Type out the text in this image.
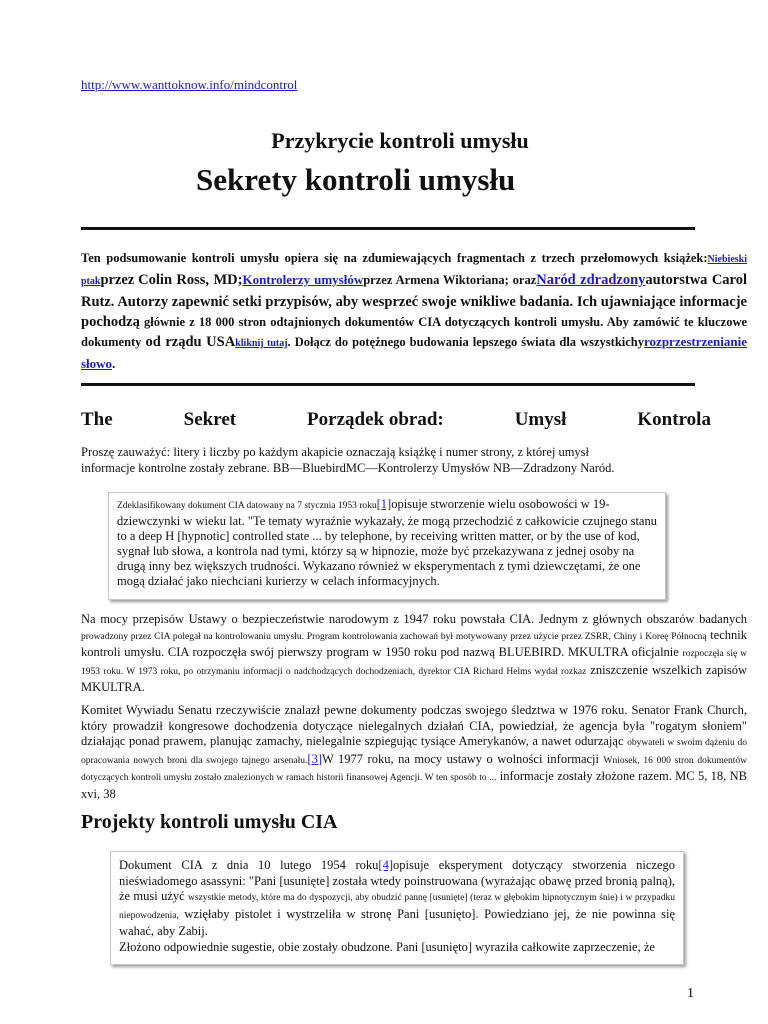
http://www.wanttoknow.info/mindcontrol
Przykrycie kontroli umysłu
Sekrety kontroli umysłu
Ten podsumowanie kontroli umysłu opiera się na zdumiewających fragmentach z trzech przełomowych książek:Niebieski ptakprzez Colin Ross, MD;Kontrolerzy umysłówprzez Armena Wiktoriana; orazNaród zdradzonyautorstwa Carol Rutz. Autorzy zapewnić setki przypisów, aby wesprzeć swoje wnikliwe badania. Ich ujawniające informacje pochodzą głównie z 18 000 stron odtajnionych dokumentów CIA dotyczących kontroli umysłu. Aby zamówić te kluczowe dokumenty od rządu USAkliknij tutaj. Dołącz do potężnego budowania lepszego świata dla wszystkichyrozprzestrzenianie słowo.
The	Sekret	Porządek obrad:	Umysł	Kontrola
Proszę zauważyć: litery i liczby po każdym akapicie oznaczają książkę i numer strony, z której umysł informacje kontrolne zostały zebrane. BB—BluebirdMC—Kontrolerzy Umysłów NB—Zdradzony Naród.
Zdeklasifikowany dokument CIA datowany na 7 stycznia 1953 roku[1]opisuje stworzenie wielu osobowości w 19-dziewczynki w wieku lat. "Te tematy wyraźnie wykazały, że mogą przechodzić z całkowicie czujnego stanu to a deep H [hypnotic] controlled state ... by telephone, by receiving written matter, or by the use of kod, sygnał lub słowa, a kontrola nad tymi, którzy są w hipnozie, może być przekazywana z jednej osoby na drugą inny bez większych trudności. Wykazano również w eksperymentach z tymi dziewczętami, że one mogą działać jako niechciani kurierzy w celach informacyjnych.
Na mocy przepisów Ustawy o bezpieczeństwie narodowym z 1947 roku powstała CIA. Jednym z głównych obszarów badanych prowadzony przez CIA polegał na kontrolowaniu umysłu. Program kontrolowania zachowań był motywowany przez użycie przez ZSRR, Chiny i Koreę Północną technik kontroli umysłu. CIA rozpoczęła swój pierwszy program w 1950 roku pod nazwą BLUEBIRD. MKULTRA oficjalnie rozpoczęła się w 1953 roku. W 1973 roku, po otrzymaniu informacji o nadchodzących dochodzeniach, dyrektor CIA Richard Helms wydał rozkaz zniszczenie wszelkich zapisów MKULTRA.
Komitet Wywiadu Senatu rzeczywiście znalazł pewne dokumenty podczas swojego śledztwa w 1976 roku. Senator Frank Church, który prowadził kongresowe dochodzenia dotyczące nielegalnych działań CIA, powiedział, że agencja była "rogatym słoniem" działając ponad prawem, planując zamachy, nielegalnie szpiegując tysiące Amerykanów, a nawet odurzając obywateli w swoim dążeniu do opracowania nowych broni dla swojego tajnego arsenału.[3]W 1977 roku, na mocy ustawy o wolności informacji Wniosek, 16 000 stron dokumentów dotyczących kontroli umysłu zostało znalezionych w ramach historii finansowej Agencji. W ten sposób to ... informacje zostały złożone razem. MC 5, 18, NB xvi, 38
Projekty kontroli umysłu CIA
Dokument CIA z dnia 10 lutego 1954 roku[4]opisuje eksperyment dotyczący stworzenia niczego nieświadomego asassyni: "Pani [usunięte] została wtedy poinstruowana (wyrażając obawę przed bronią palną), że musi użyć wszystkie metody, które ma do dyspozycji, aby obudzić pannę [usunięte] (teraz w głębokim hipnotycznym śnie) i w przypadku niepowodzenia, wzięłaby pistolet i wystrzeliła w stronę Pani [usunięto]. Powiedziano jej, że nie powinna się wahać, aby Zabij.
Złożono odpowiednie sugestie, obie zostały obudzone. Pani [usunięto] wyraziła całkowite zaprzeczenie, że
1
